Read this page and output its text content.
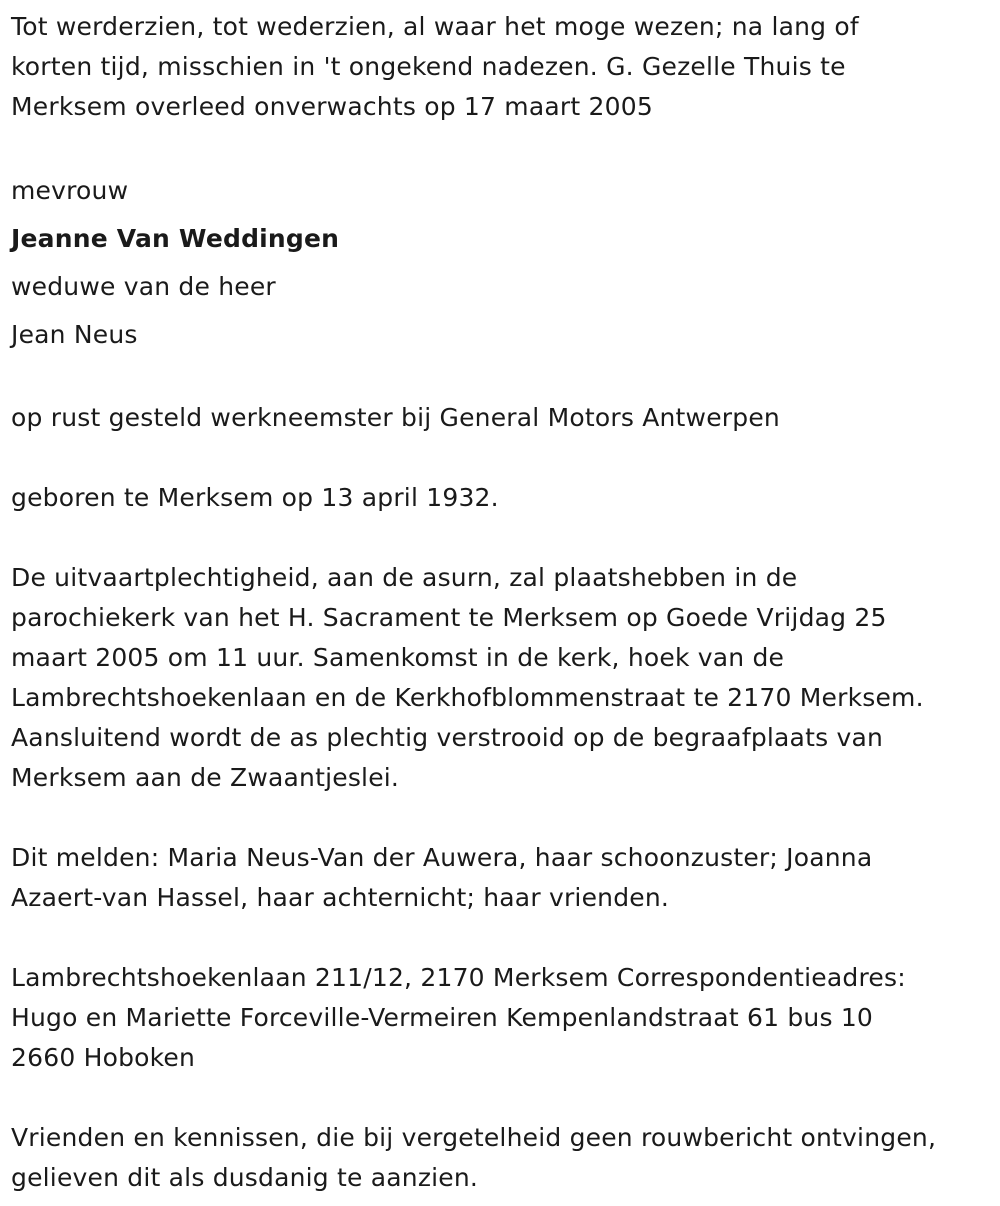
Tot werderzien, tot wederzien, al waar het moge wezen; na lang of

korten tijd, misschien in 't ongekend nadezen. G. Gezelle Thuis te

Merksem overleed onverwachts op 17 maart 2005

mevrouw

Jeanne Van Weddingen

weduwe van de heer

Jean Neus

op rust gesteld werkneemster bij General Motors Antwerpen

geboren te Merksem op 13 april 1932.

De uitvaartplechtigheid, aan de asurn, zal plaatshebben in de

parochiekerk van het H. Sacrament te Merksem op Goede Vrijdag 25

maart 2005 om 11 uur. Samenkomst in de kerk, hoek van de

Lambrechtshoekenlaan en de Kerkhofblommenstraat te 2170 Merksem.

Aansluitend wordt de as plechtig verstrooid op de begraafplaats van

Merksem aan de Zwaantjeslei.

Dit melden: Maria Neus-Van der Auwera, haar schoonzuster; Joanna

Azaert-van Hassel, haar achternicht; haar vrienden.

Lambrechtshoekenlaan 211/12, 2170 Merksem Correspondentieadres:

Hugo en Mariette Forceville-Vermeiren Kempenlandstraat 61 bus 10

2660 Hoboken

Vrienden en kennissen, die bij vergetelheid geen rouwbericht ontvingen,

gelieven dit als dusdanig te aanzien.
